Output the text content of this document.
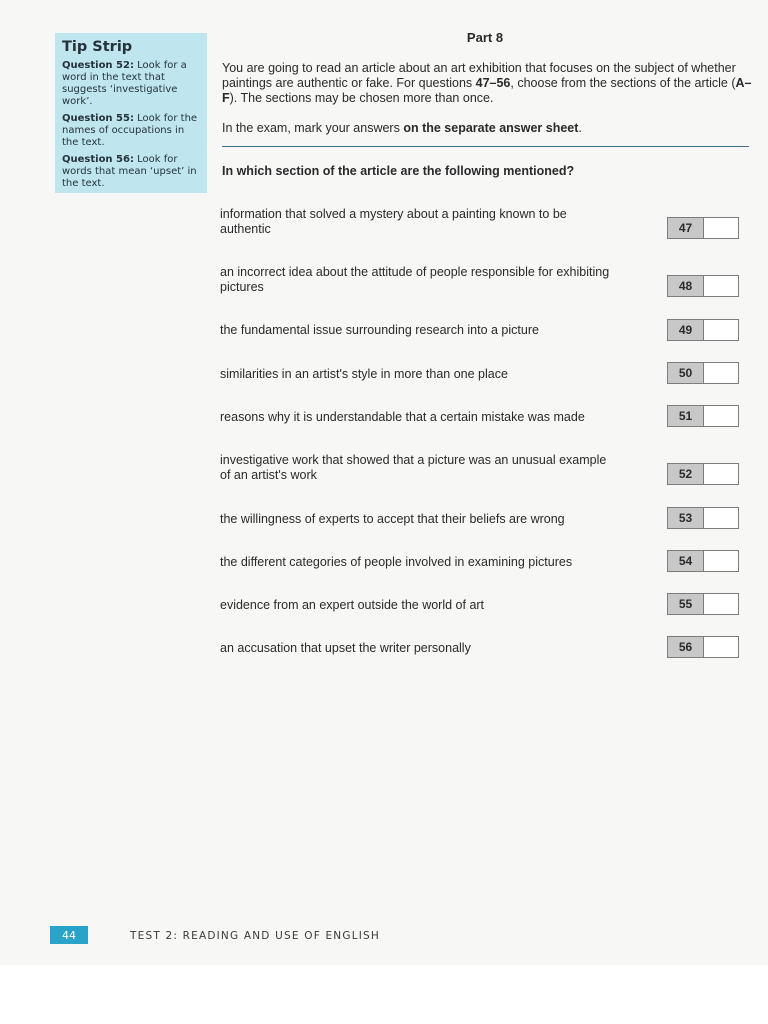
Tip Strip
Question 52: Look for a word in the text that suggests ‘investigative work’.
Question 55: Look for the names of occupations in the text.
Question 56: Look for words that mean ‘upset’ in the text.
Part 8
You are going to read an article about an art exhibition that focuses on the subject of whether paintings are authentic or fake. For questions 47–56, choose from the sections of the article (A–F). The sections may be chosen more than once.
In the exam, mark your answers on the separate answer sheet.
In which section of the article are the following mentioned?
information that solved a mystery about a painting known to be authentic	47
an incorrect idea about the attitude of people responsible for exhibiting pictures	48
the fundamental issue surrounding research into a picture	49
similarities in an artist's style in more than one place	50
reasons why it is understandable that a certain mistake was made	51
investigative work that showed that a picture was an unusual example of an artist's work	52
the willingness of experts to accept that their beliefs are wrong	53
the different categories of people involved in examining pictures	54
evidence from an expert outside the world of art	55
an accusation that upset the writer personally	56
44	TEST 2: READING AND USE OF ENGLISH
